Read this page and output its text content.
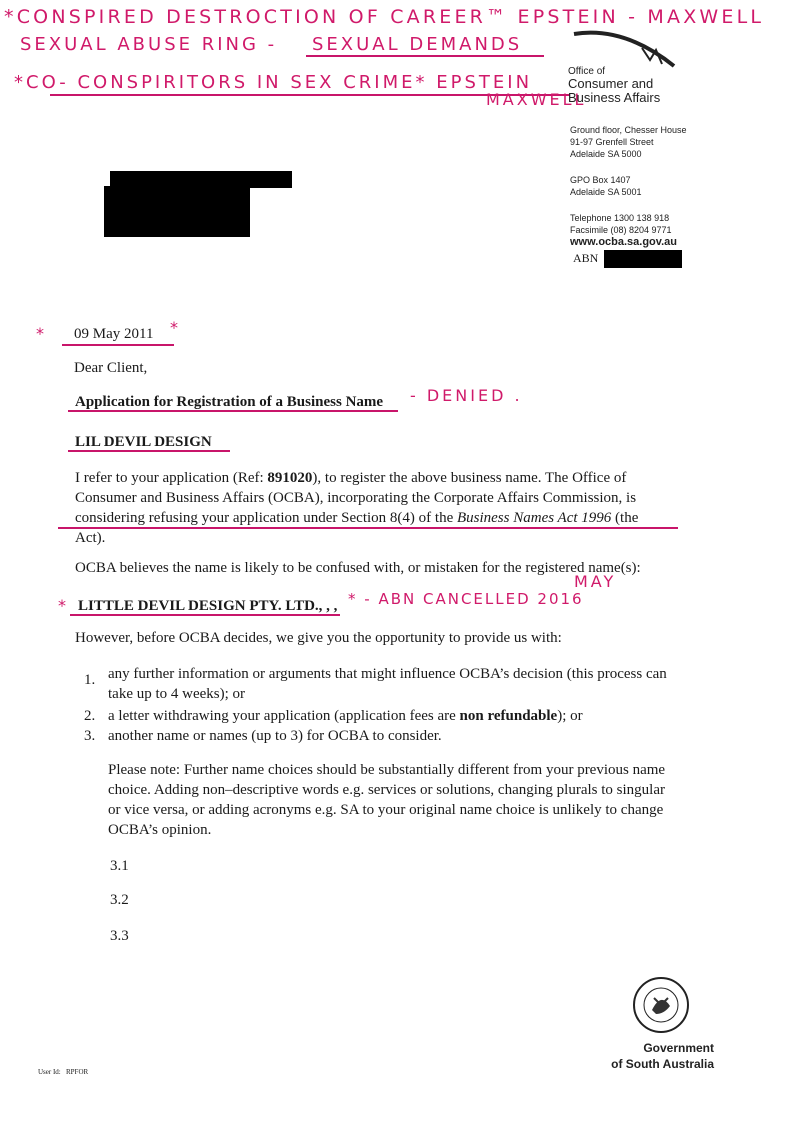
*CONSPIRED DESTROCTION OF CAREER™ EPSTEIN - MAXWELL
SEXUAL ABUSE RING - SEXUAL DEMANDS
*CO- CONSPIRITORS IN SEX CRIME* EPSTEIN
MAXWELL
Office of
Consumer and
Business Affairs
Ground floor, Chesser House
91-97 Grenfell Street
Adelaide SA 5000
GPO Box 1407
Adelaide SA 5001
Telephone 1300 138 918
Facsimile (08) 8204 9771
www.ocba.sa.gov.au
ABN
* 09 May 2011 *
Dear Client,
Application for Registration of a Business Name - DENIED .
LIL DEVIL DESIGN
I refer to your application (Ref: 891020), to register the above business name. The Office of
Consumer and Business Affairs (OCBA), incorporating the Corporate Affairs Commission, is
considering refusing your application under Section 8(4) of the Business Names Act 1996 (the
Act).
OCBA believes the name is likely to be confused with, or mistaken for the registered name(s):
* LITTLE DEVIL DESIGN PTY. LTD., , ,
MAY
* - ABN CANCELLED 2016
However, before OCBA decides, we give you the opportunity to provide us with:
1. any further information or arguments that might influence OCBA’s decision (this process can
take up to 4 weeks); or
2. a letter withdrawing your application (application fees are non refundable); or
3. another name or names (up to 3) for OCBA to consider.
Please note: Further name choices should be substantially different from your previous name
choice. Adding non–descriptive words e.g. services or solutions, changing plurals to singular
or vice versa, or adding acronyms e.g. SA to your original name choice is unlikely to change
OCBA’s opinion.
3.1
3.2
3.3
Government
of South Australia
User Id:   RPFOR
